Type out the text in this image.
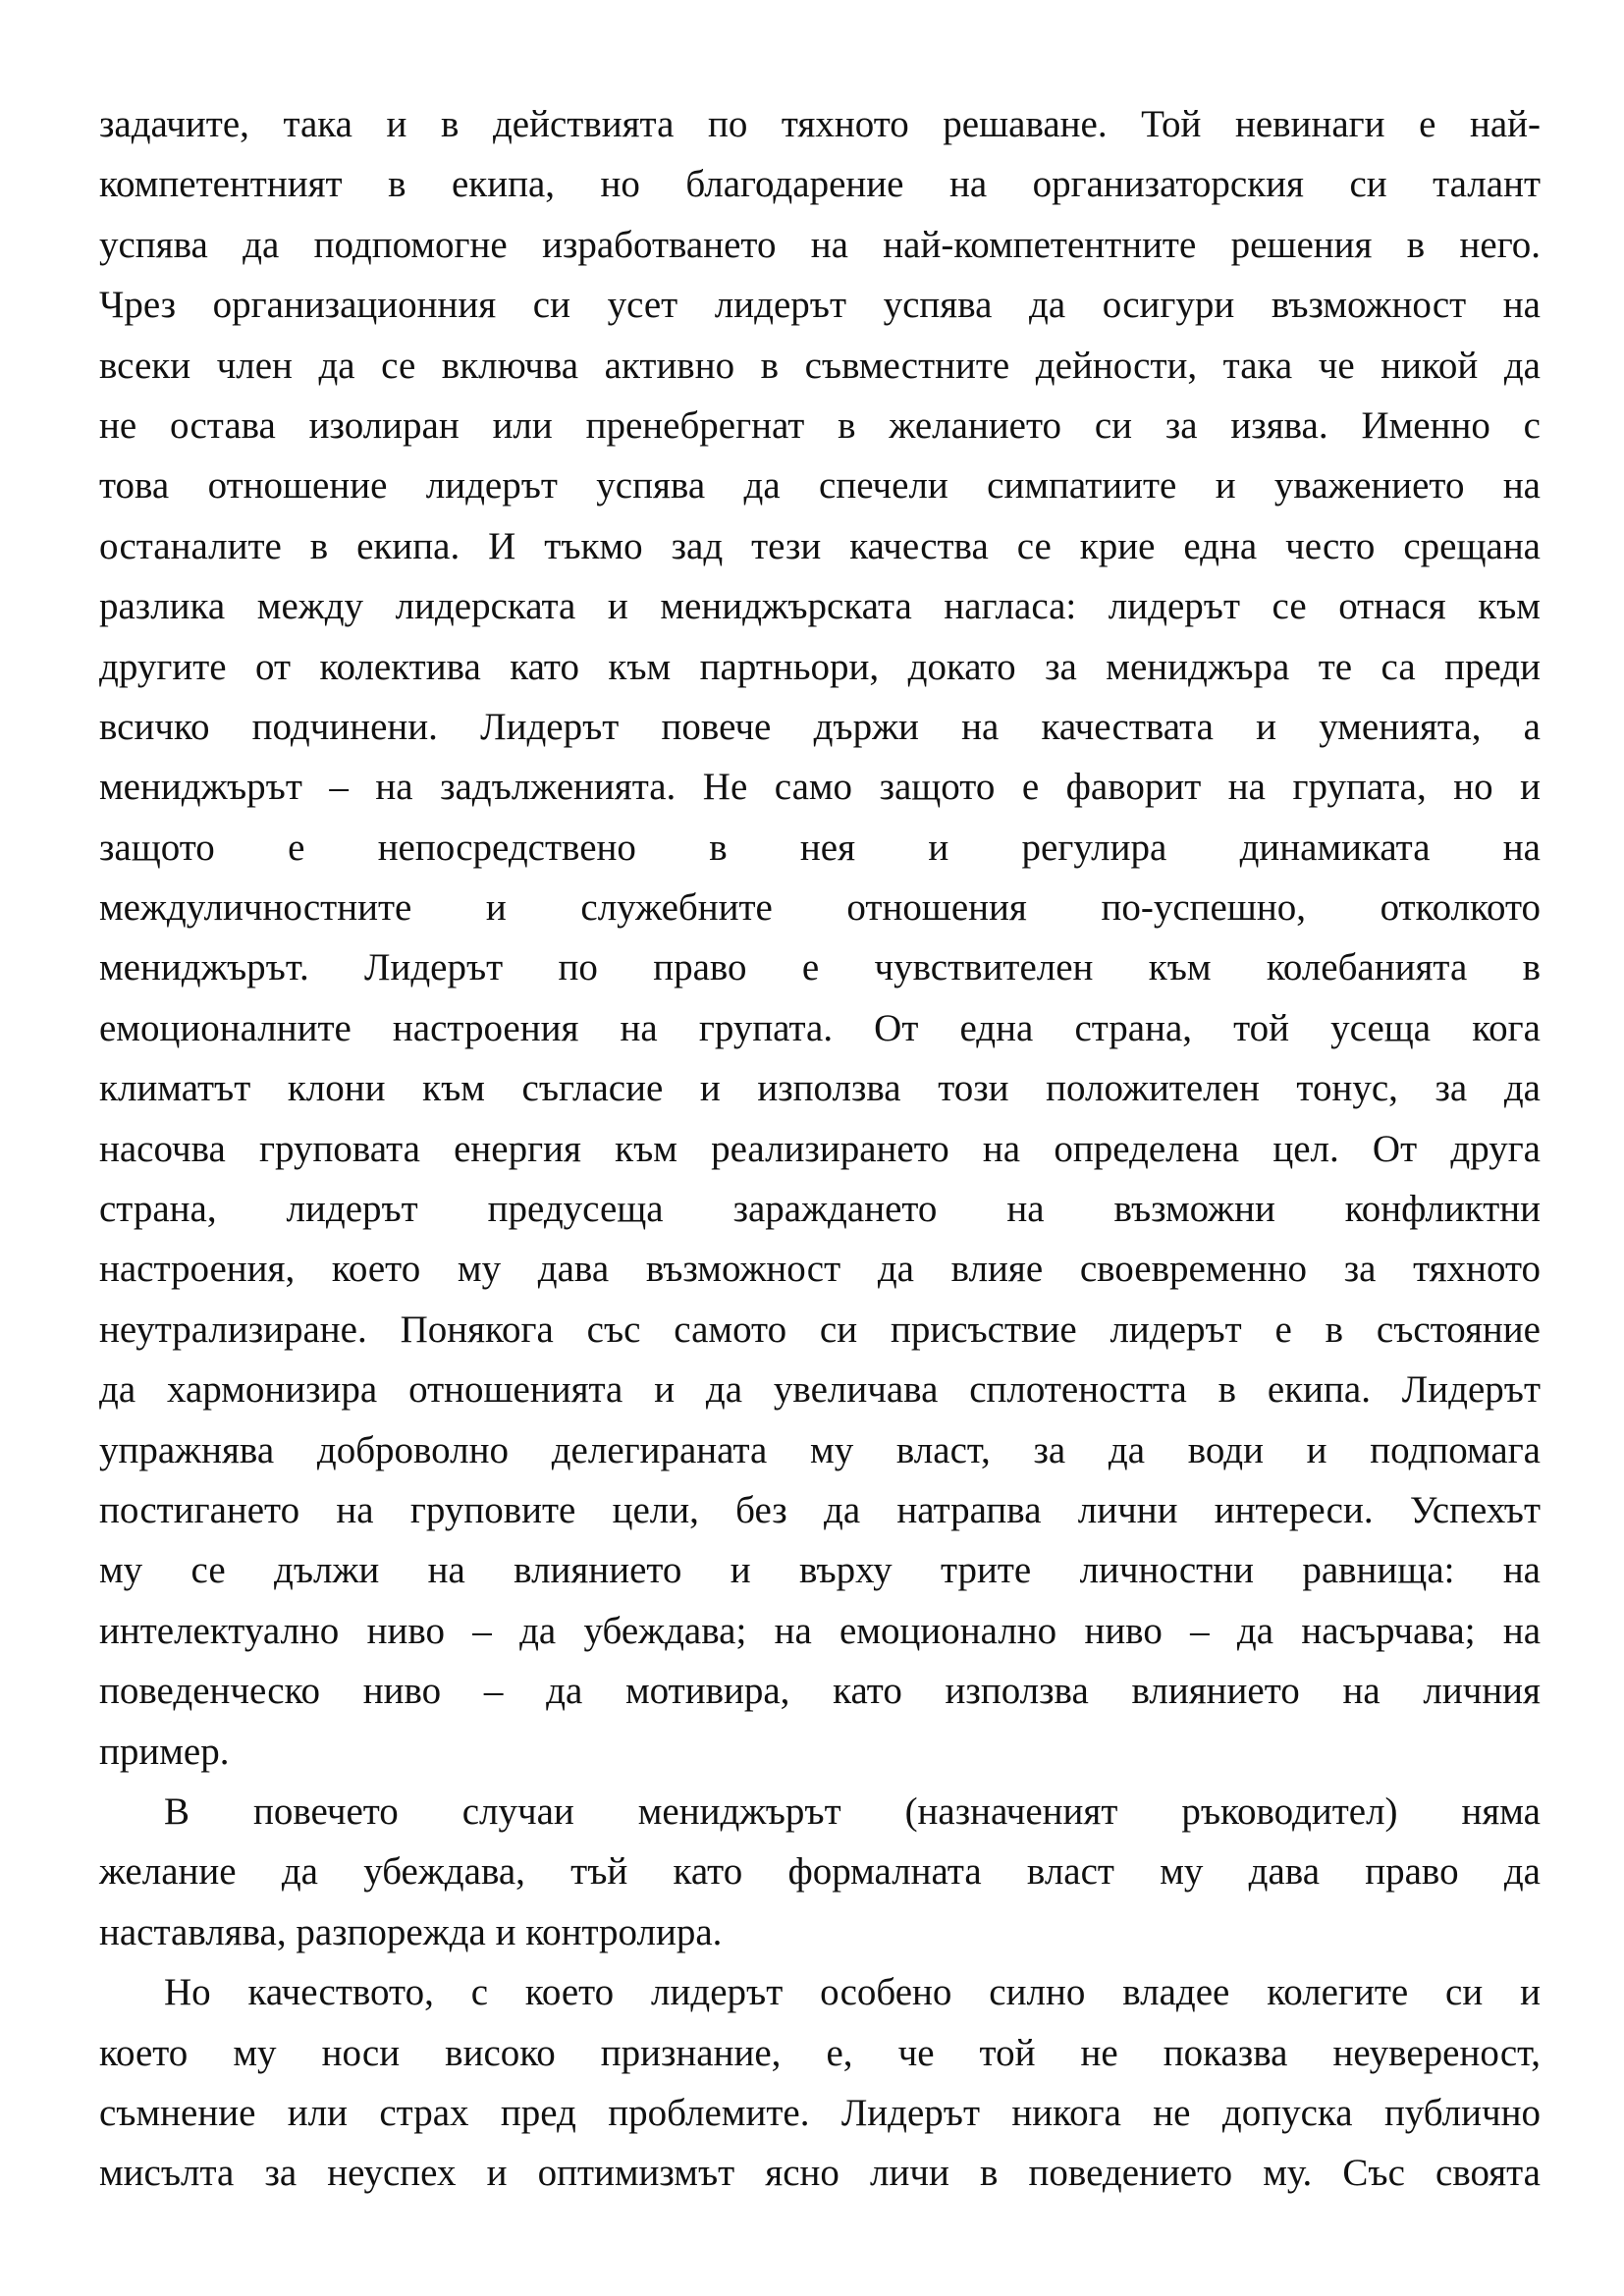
задачите, така и в действията по тяхното решаване. Той невинаги е най-
компетентният в екипа, но благодарение на организаторския си талант
успява да подпомогне изработването на най-компетентните решения в него.
Чрез организационния си усет лидерът успява да осигури възможност на
всеки член да се включва активно в съвместните дейности, така че никой да
не остава изолиран или пренебрегнат в желанието си за изява. Именно с
това отношение лидерът успява да спечели симпатиите и уважението на
останалите в екипа. И тъкмо зад тези качества се крие една често срещана
разлика между лидерската и мениджърската нагласа: лидерът се отнася към
другите от колектива като към партньори, докато за мениджъра те са преди
всичко подчинени. Лидерът повече държи на качествата и уменията, а
мениджърът – на задълженията. Не само защото е фаворит на групата, но и
защото е непосредствено в нея и регулира динамиката на
междуличностните и служебните отношения по-успешно, отколкото
мениджърът. Лидерът по право е чувствителен към колебанията в
емоционалните настроения на групата. От една страна, той усеща кога
климатът клони към съгласие и използва този положителен тонус, за да
насочва груповата енергия към реализирането на определена цел. От друга
страна, лидерът предусеща зараждането на възможни конфликтни
настроения, което му дава възможност да влияе своевременно за тяхното
неутрализиране. Понякога със самото си присъствие лидерът е в състояние
да хармонизира отношенията и да увеличава сплотеността в екипа. Лидерът
упражнява доброволно делегираната му власт, за да води и подпомага
постигането на груповите цели, без да натрапва лични интереси. Успехът
му се дължи на влиянието и върху трите личностни равнища: на
интелектуално ниво – да убеждава; на емоционално ниво – да насърчава; на
поведенческо ниво – да мотивира, като използва влиянието на личния
пример.
В повечето случаи мениджърът (назначеният ръководител) няма
желание да убеждава, тъй като формалната власт му дава право да
наставлява, разпорежда и контролира.
Но качеството, с което лидерът особено силно владее колегите си и
което му носи високо признание, е, че той не показва неувереност,
съмнение или страх пред проблемите. Лидерът никога не допуска публично
мисълта за неуспех и оптимизмът ясно личи в поведението му. Със своята
